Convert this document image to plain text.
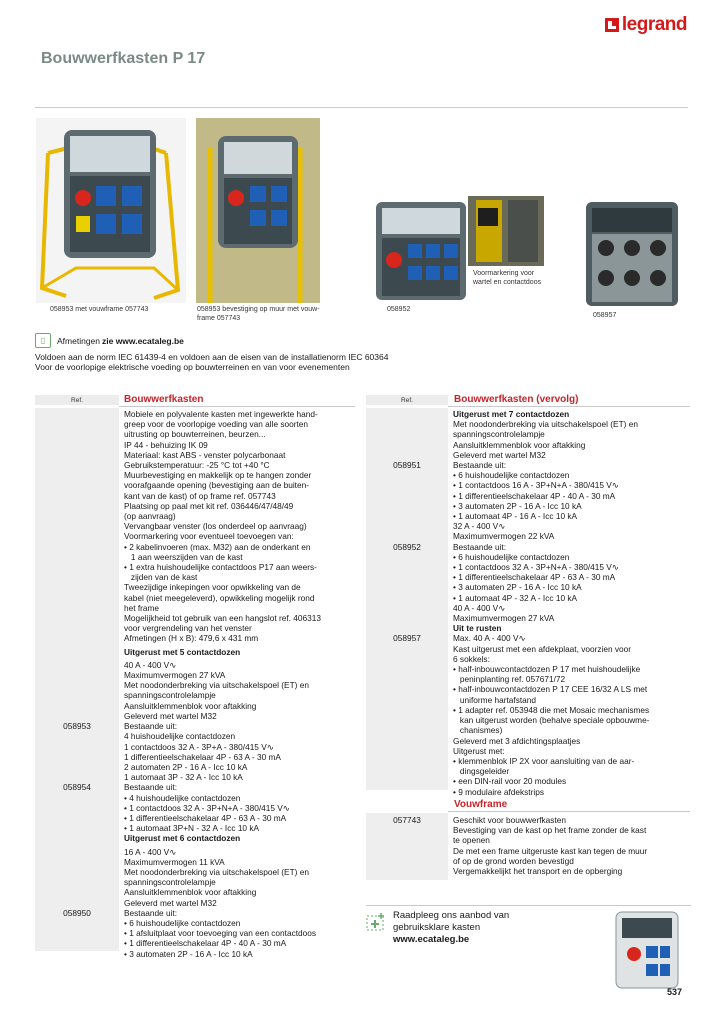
legrand
Bouwwerfkasten P 17
058953 met vouwframe 057743	058953 bevestiging op muur met vouw-
frame 057743
Voormarkering voor
wartel en contactdoos
058952
058957
▯	Afmetingen zie www.ecataleg.be
Voldoen aan de norm IEC 61439-4 en voldoen aan de eisen van de installatienorm IEC 60364
Voor de voorlopige elektrische voeding op bouwterreinen en van voor evenementen
Ref.	Bouwwerfkasten
Mobiele en polyvalente kasten met ingewerkte hand-
greep voor de voorlopige voeding van alle soorten
uitrusting op bouwterreinen, beurzen...
IP 44 - behuizing IK 09
Materiaal: kast ABS - venster polycarbonaat
Gebruikstemperatuur: -25 °C tot +40 °C
Muurbevestiging en makkelijk op te hangen zonder
voorafgaande opening (bevestiging aan de buiten-
kant van de kast) of op frame ref. 057743
Plaatsing op paal met kit ref. 036446/47/48/49
(op aanvraag)
Vervangbaar venster (los onderdeel op aanvraag)
Voormarkering voor eventueel toevoegen van:
• 2 kabelinvoeren (max. M32) aan de onderkant en
1 aan weerszijden van de kast
• 1 extra huishoudelijke contactdoos P17 aan weers-
zijden van de kast
Tweezijdige inkepingen voor opwikkeling van de
kabel (niet meegeleverd), opwikkeling mogelijk rond
het frame
Mogelijkheid tot gebruik van een hangslot ref. 406313
voor vergrendeling van het venster
Afmetingen (H x B): 479,6 x 431 mm
Uitgerust met 5 contactdozen
40 A - 400 V∿
Maximumvermogen 27 kVA
Met noodonderbreking via uitschakelspoel (ET) en
spanningscontrolelampje
Aansluitklemmenblok voor aftakking
Geleverd met wartel M32
058953	Bestaande uit:
4 huishoudelijke contactdozen
1 contactdoos 32 A - 3P+A - 380/415 V∿
1 differentieelschakelaar 4P - 63 A - 30 mA
2 automaten 2P - 16 A - Icc 10 kA
1 automaat 3P - 32 A - Icc 10 kA
058954	Bestaande uit:
• 4 huishoudelijke contactdozen
• 1 contactdoos 32 A - 3P+N+A - 380/415 V∿
• 1 differentieelschakelaar 4P - 63 A - 30 mA
• 1 automaat 3P+N - 32 A - Icc 10 kA
Uitgerust met 6 contactdozen
16 A - 400 V∿
Maximumvermogen 11 kVA
Met noodonderbreking via uitschakelspoel (ET) en
spanningscontrolelampje
Aansluitklemmenblok voor aftakking
Geleverd met wartel M32
058950	Bestaande uit:
• 6 huishoudelijke contactdozen
• 1 afsluitplaat voor toevoeging van een contactdoos
• 1 differentieelschakelaar 4P - 40 A - 30 mA
• 3 automaten 2P - 16 A - Icc 10 kA
Ref.	Bouwwerfkasten (vervolg)
Uitgerust met 7 contactdozen
Met noodonderbreking via uitschakelspoel (ET) en
spanningscontrolelampje
Aansluitklemmenblok voor aftakking
Geleverd met wartel M32
058951	Bestaande uit:
• 6 huishoudelijke contactdozen
• 1 contactdoos 16 A - 3P+N+A - 380/415 V∿
• 1 differentieelschakelaar 4P - 40 A - 30 mA
• 3 automaten 2P - 16 A - Icc 10 kA
• 1 automaat 4P - 16 A - Icc 10 kA
32 A - 400 V∿
Maximumvermogen 22 kVA
058952	Bestaande uit:
• 6 huishoudelijke contactdozen
• 1 contactdoos 32 A - 3P+N+A - 380/415 V∿
• 1 differentieelschakelaar 4P - 63 A - 30 mA
• 3 automaten 2P - 16 A - Icc 10 kA
• 1 automaat 4P - 32 A - Icc 10 kA
40 A - 400 V∿
Maximumvermogen 27 kVA
Uit te rusten
058957	Max. 40 A - 400 V∿
Kast uitgerust met een afdekplaat, voorzien voor
6 sokkels:
• half-inbouwcontactdozen P 17 met huishoudelijke
peninplanting ref. 057671/72
• half-inbouwcontactdozen P 17 CEE 16/32 A LS met
uniforme hartafstand
• 1 adapter ref. 053948 die met Mosaic mechanismes
kan uitgerust worden (behalve speciale opbouwme-
chanismes)
Geleverd met 3 afdichtingsplaatjes
Uitgerust met:
• klemmenblok IP 2X voor aansluiting van de aar-
dingsgeleider
• een DIN-rail voor 20 modules
• 9 modulaire afdekstrips
Vouwframe
057743	Geschikt voor bouwwerfkasten
Bevestiging van de kast op het frame zonder de kast
te openen
De met een frame uitgeruste kast kan tegen de muur
of op de grond worden bevestigd
Vergemakkelijkt het transport en de opberging
Raadpleeg ons aanbod van
gebruiksklare kasten
www.ecataleg.be
537
